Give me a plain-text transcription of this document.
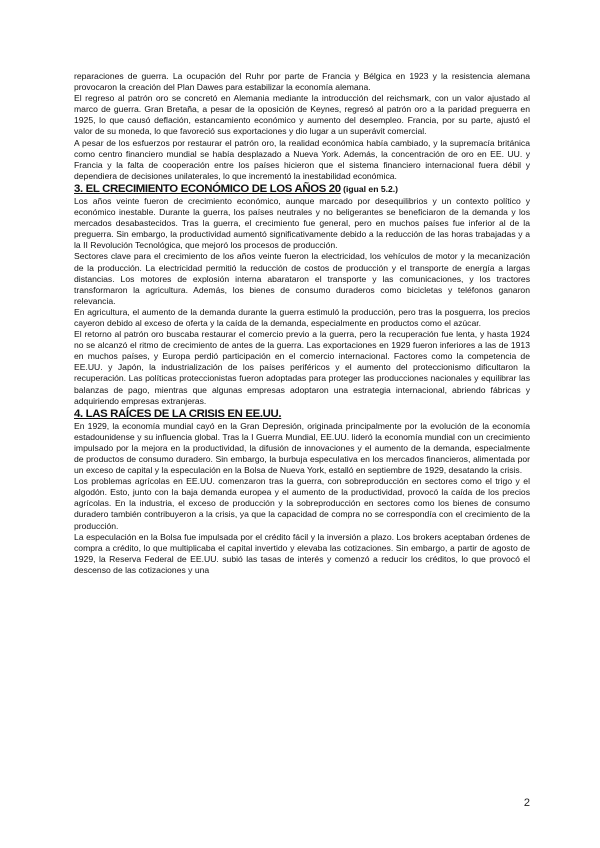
reparaciones de guerra. La ocupación del Ruhr por parte de Francia y Bélgica en 1923 y la resistencia alemana provocaron la creación del Plan Dawes para estabilizar la economía alemana.

El regreso al patrón oro se concretó en Alemania mediante la introducción del reichsmark, con un valor ajustado al marco de guerra. Gran Bretaña, a pesar de la oposición de Keynes, regresó al patrón oro a la paridad preguerra en 1925, lo que causó deflación, estancamiento económico y aumento del desempleo. Francia, por su parte, ajustó el valor de su moneda, lo que favoreció sus exportaciones y dio lugar a un superávit comercial.

A pesar de los esfuerzos por restaurar el patrón oro, la realidad económica había cambiado, y la supremacía británica como centro financiero mundial se había desplazado a Nueva York. Además, la concentración de oro en EE. UU. y Francia y la falta de cooperación entre los países hicieron que el sistema financiero internacional fuera débil y dependiera de decisiones unilaterales, lo que incrementó la inestabilidad económica.

3. EL CRECIMIENTO ECONÓMICO DE LOS AÑOS 20 (igual en 5.2.)

Los años veinte fueron de crecimiento económico, aunque marcado por desequilibrios y un contexto político y económico inestable. Durante la guerra, los países neutrales y no beligerantes se beneficiaron de la demanda y los mercados desabastecidos. Tras la guerra, el crecimiento fue general, pero en muchos países fue inferior al de la preguerra. Sin embargo, la productividad aumentó significativamente debido a la reducción de las horas trabajadas y a la II Revolución Tecnológica, que mejoró los procesos de producción.

Sectores clave para el crecimiento de los años veinte fueron la electricidad, los vehículos de motor y la mecanización de la producción. La electricidad permitió la reducción de costos de producción y el transporte de energía a largas distancias. Los motores de explosión interna abarataron el transporte y las comunicaciones, y los tractores transformaron la agricultura. Además, los bienes de consumo duraderos como bicicletas y teléfonos ganaron relevancia.

En agricultura, el aumento de la demanda durante la guerra estimuló la producción, pero tras la posguerra, los precios cayeron debido al exceso de oferta y la caída de la demanda, especialmente en productos como el azúcar.

El retorno al patrón oro buscaba restaurar el comercio previo a la guerra, pero la recuperación fue lenta, y hasta 1924 no se alcanzó el ritmo de crecimiento de antes de la guerra. Las exportaciones en 1929 fueron inferiores a las de 1913 en muchos países, y Europa perdió participación en el comercio internacional. Factores como la competencia de EE.UU. y Japón, la industrialización de los países periféricos y el aumento del proteccionismo dificultaron la recuperación. Las políticas proteccionistas fueron adoptadas para proteger las producciones nacionales y equilibrar las balanzas de pago, mientras que algunas empresas adoptaron una estrategia internacional, abriendo fábricas y adquiriendo empresas extranjeras.

4. LAS RAÍCES DE LA CRISIS EN EE.UU.

En 1929, la economía mundial cayó en la Gran Depresión, originada principalmente por la evolución de la economía estadounidense y su influencia global. Tras la I Guerra Mundial, EE.UU. lideró la economía mundial con un crecimiento impulsado por la mejora en la productividad, la difusión de innovaciones y el aumento de la demanda, especialmente de productos de consumo duradero. Sin embargo, la burbuja especulativa en los mercados financieros, alimentada por un exceso de capital y la especulación en la Bolsa de Nueva York, estalló en septiembre de 1929, desatando la crisis.

Los problemas agrícolas en EE.UU. comenzaron tras la guerra, con sobreproducción en sectores como el trigo y el algodón. Esto, junto con la baja demanda europea y el aumento de la productividad, provocó la caída de los precios agrícolas. En la industria, el exceso de producción y la sobreproducción en sectores como los bienes de consumo duradero también contribuyeron a la crisis, ya que la capacidad de compra no se correspondía con el crecimiento de la producción.

La especulación en la Bolsa fue impulsada por el crédito fácil y la inversión a plazo. Los brokers aceptaban órdenes de compra a crédito, lo que multiplicaba el capital invertido y elevaba las cotizaciones. Sin embargo, a partir de agosto de 1929, la Reserva Federal de EE.UU. subió las tasas de interés y comenzó a reducir los créditos, lo que provocó el descenso de las cotizaciones y una

2
